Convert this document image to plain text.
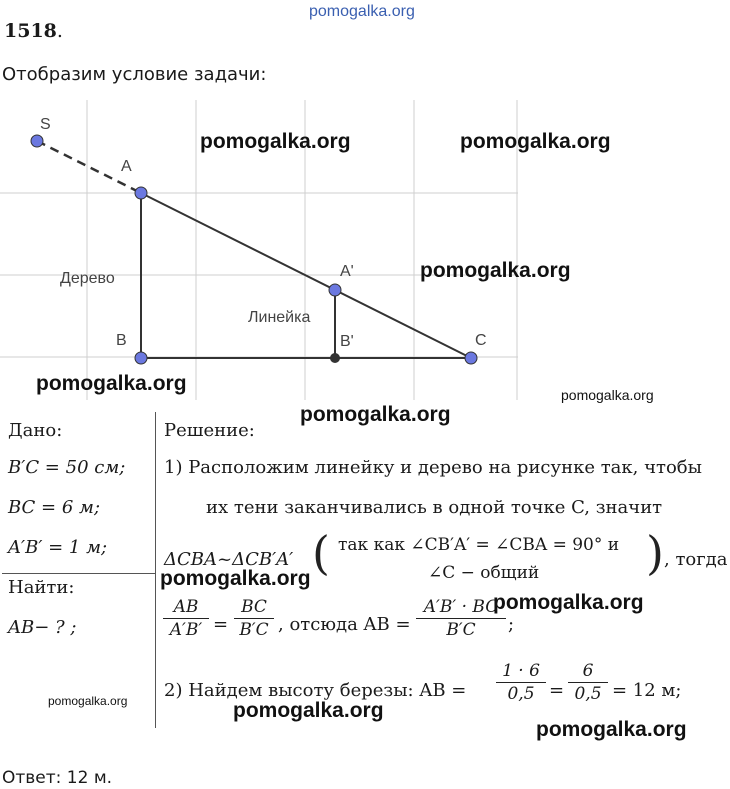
pomogalka.org
1518.
Отобразим условие задачи:
S
A
A'
B	B'	C
Дерево
Линейка
pomogalka.org	pomogalka.org
pomogalka.org
pomogalka.org	pomogalka.org
pomogalka.org
Дано:
B′C = 50 см;
BC = 6 м;
A′B′ = 1 м;
Найти:
AB− ? ;
pomogalka.org
Решение:
1) Расположим линейку и дерево на рисунке так, чтобы
их тени заканчивались в одной точке C, значит
ΔCBA~ΔCB′A′ ( так как ∠CB′A′ = ∠CBA = 90° и
∠C − общий ) , тогда
pomogalka.org
AB
A′B′ =
BC
B′C , отсюда AB =
A′B′ · BC
B′C	;
pomogalka.org
2) Найдем высоту березы: AB =
1 · 6
0,5 =
6
0,5 = 12 м;
pomogalka.org
pomogalka.org
Ответ: 12 м.
